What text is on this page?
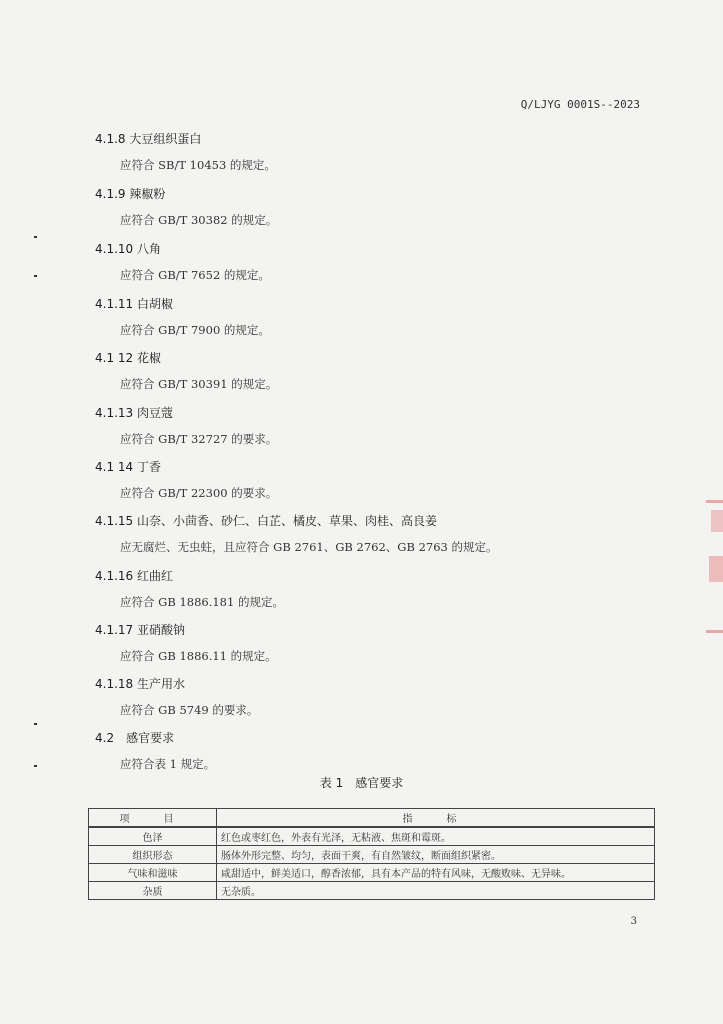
Q/LJYG 0001S--2023
4.1.8 大豆组织蛋白
应符合 SB/T 10453 的规定。
4.1.9 辣椒粉
应符合 GB/T 30382 的规定。
4.1.10 八角
应符合 GB/T 7652 的规定。
4.1.11 白胡椒
应符合 GB/T 7900 的规定。
4.1 12 花椒
应符合 GB/T 30391 的规定。
4.1.13 肉豆蔻
应符合 GB/T 32727 的要求。
4.1 14 丁香
应符合 GB/T 22300 的要求。
4.1.15 山奈、小茴香、砂仁、白芷、橘皮、草果、肉桂、高良姜
应无腐烂、无虫蛀，且应符合 GB 2761、GB 2762、GB 2763 的规定。
4.1.16 红曲红
应符合 GB 1886.181 的规定。
4.1.17 亚硝酸钠
应符合 GB 1886.11 的规定。
4.1.18 生产用水
应符合 GB 5749 的要求。
4.2　感官要求
应符合表 1 规定。
表 1　感官要求
项　目	指　标
色泽	红色或枣红色，外表有光泽，无粘液、焦斑和霉斑。
组织形态	肠体外形完整、均匀，表面干爽，有自然皱纹，断面组织紧密。
气味和滋味	咸甜适中，鲜美适口，醇香浓郁，具有本产品的特有风味，无酸败味、无异味。
杂质	无杂质。
3
